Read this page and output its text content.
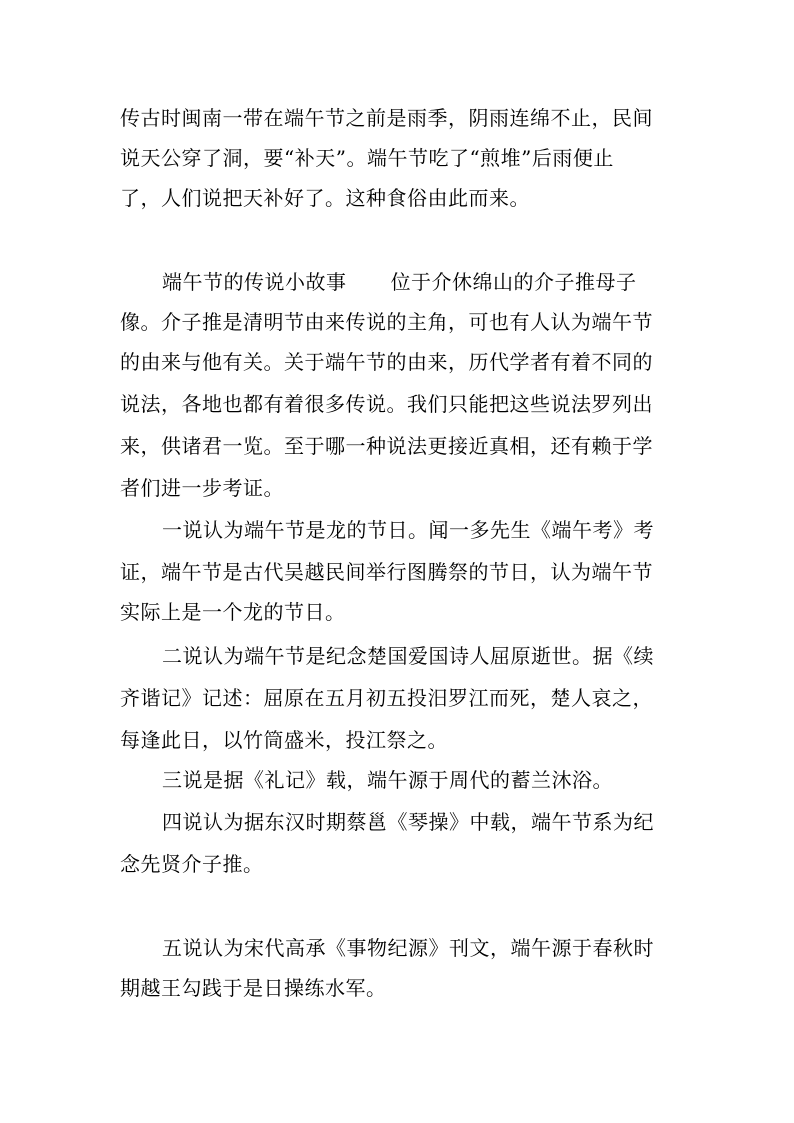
传古时闽南一带在端午节之前是雨季，阴雨连绵不止，民间
说天公穿了洞，要“补天”。端午节吃了“煎堆”后雨便止
了，人们说把天补好了。这种食俗由此而来。
端午节的传说小故事 位于介休绵山的介子推母子
像。介子推是清明节由来传说的主角，可也有人认为端午节
的由来与他有关。关于端午节的由来，历代学者有着不同的
说法，各地也都有着很多传说。我们只能把这些说法罗列出
来，供诸君一览。至于哪一种说法更接近真相，还有赖于学
者们进一步考证。
一说认为端午节是龙的节日。闻一多先生《端午考》考
证，端午节是古代吴越民间举行图腾祭的节日，认为端午节
实际上是一个龙的节日。
二说认为端午节是纪念楚国爱国诗人屈原逝世。据《续
齐谐记》记述：屈原在五月初五投汨罗江而死，楚人哀之，
每逢此日，以竹筒盛米，投江祭之。
三说是据《礼记》载，端午源于周代的蓄兰沐浴。
四说认为据东汉时期蔡邕《琴操》中载，端午节系为纪
念先贤介子推。
五说认为宋代高承《事物纪源》刊文，端午源于春秋时
期越王勾践于是日操练水军。
